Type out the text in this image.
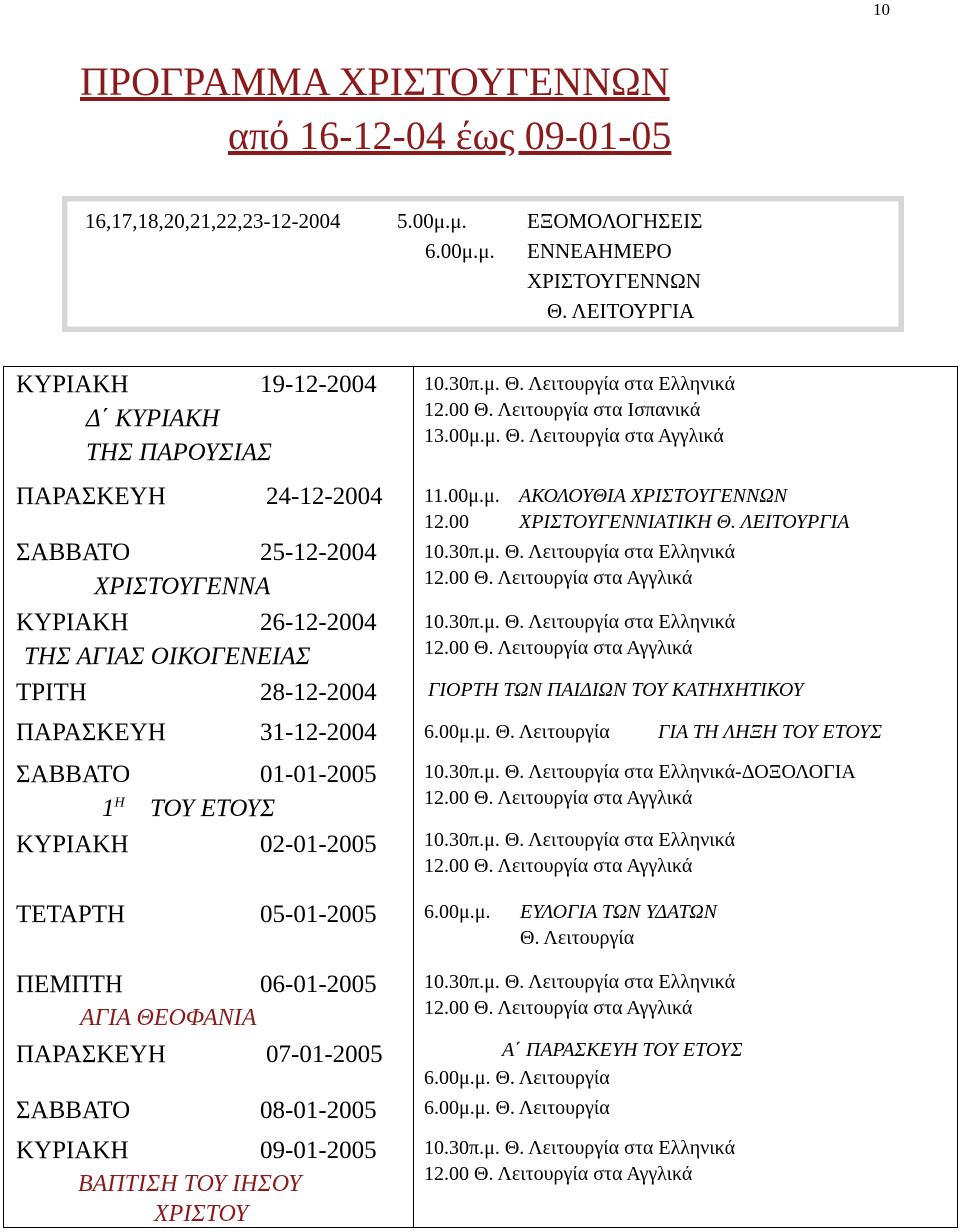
10
ΠΡΟΓΡΑΜΜΑ ΧΡΙΣΤΟΥΓΕΝΝΩΝ
από 16-12-04 έως 09-01-05
16,17,18,20,21,22,23-12-2004	5.00μ.μ.	ΕΞΟΜΟΛΟΓΗΣΕΙΣ
6.00μ.μ. ΕΝΝΕΑΗΜΕΡΟ
ΧΡΙΣΤΟΥΓΕΝΝΩΝ
Θ. ΛΕΙΤΟΥΡΓΙΑ
ΚΥΡΙΑΚΗ	19-12-2004
Δ΄ ΚΥΡΙΑΚΗ
ΤΗΣ ΠΑΡΟΥΣΙΑΣ
10.30π.μ. Θ. Λειτουργία στα Ελληνικά
12.00 Θ. Λειτουργία στα Ισπανικά
13.00μ.μ. Θ. Λειτουργία στα Αγγλικά
ΠΑΡΑΣΚΕΥΗ	24-12-2004 11.00μ.μ. ΑΚΟΛΟΥΘΙΑ ΧΡΙΣΤΟΥΓΕΝΝΩΝ
12.00	ΧΡΙΣΤΟΥΓΕΝΝΙΑΤΙΚΗ Θ. ΛΕΙΤΟΥΡΓΙΑ
ΣΑΒΒΑΤΟ	25-12-2004
ΧΡΙΣΤΟΥΓΕΝΝΑ
10.30π.μ. Θ. Λειτουργία στα Ελληνικά
12.00 Θ. Λειτουργία στα Αγγλικά
ΚΥΡΙΑΚΗ	26-12-2004
ΤΗΣ ΑΓΙΑΣ ΟΙΚΟΓΕΝΕΙΑΣ
10.30π.μ. Θ. Λειτουργία στα Ελληνικά
12.00 Θ. Λειτουργία στα Αγγλικά
ΤΡΙΤΗ	28-12-2004	ΓΙΟΡΤΗ ΤΩΝ ΠΑΙΔΙΩΝ ΤΟΥ ΚΑΤΗΧΗΤΙΚΟΥ
ΠΑΡΑΣΚΕΥΗ	31-12-2004 6.00μ.μ. Θ. Λειτουργία ΓΙΑ ΤΗ ΛΗΞΗ ΤΟΥ ΕΤΟΥΣ
ΣΑΒΒΑΤΟ	01-01-2005
$1^H$ ΤΟΥ ΕΤΟΥΣ
10.30π.μ. Θ. Λειτουργία στα Ελληνικά-ΔΟΞΟΛΟΓΙΑ
12.00 Θ. Λειτουργία στα Αγγλικά
ΚΥΡΙΑΚΗ	02-01-2005 10.30π.μ. Θ. Λειτουργία στα Ελληνικά
12.00 Θ. Λειτουργία στα Αγγλικά
ΤΕΤΑΡΤΗ	05-01-2005 6.00μ.μ. ΕΥΛΟΓΙΑ ΤΩΝ ΥΔΑΤΩΝ
Θ. Λειτουργία
ΠΕΜΠΤΗ	06-01-2005
ΑΓΙΑ ΘΕΟΦΑΝΙΑ
10.30π.μ. Θ. Λειτουργία στα Ελληνικά
12.00 Θ. Λειτουργία στα Αγγλικά
ΠΑΡΑΣΚΕΥΗ	07-01-2005	Α΄ ΠΑΡΑΣΚΕΥΗ ΤΟΥ ΕΤΟΥΣ
6.00μ.μ. Θ. Λειτουργία
ΣΑΒΒΑΤΟ	08-01-2005 6.00μ.μ. Θ. Λειτουργία
ΚΥΡΙΑΚΗ	09-01-2005
ΒΑΠΤΙΣΗ ΤΟΥ ΙΗΣΟΥ
ΧΡΙΣΤΟΥ
10.30π.μ. Θ. Λειτουργία στα Ελληνικά
12.00 Θ. Λειτουργία στα Αγγλικά
